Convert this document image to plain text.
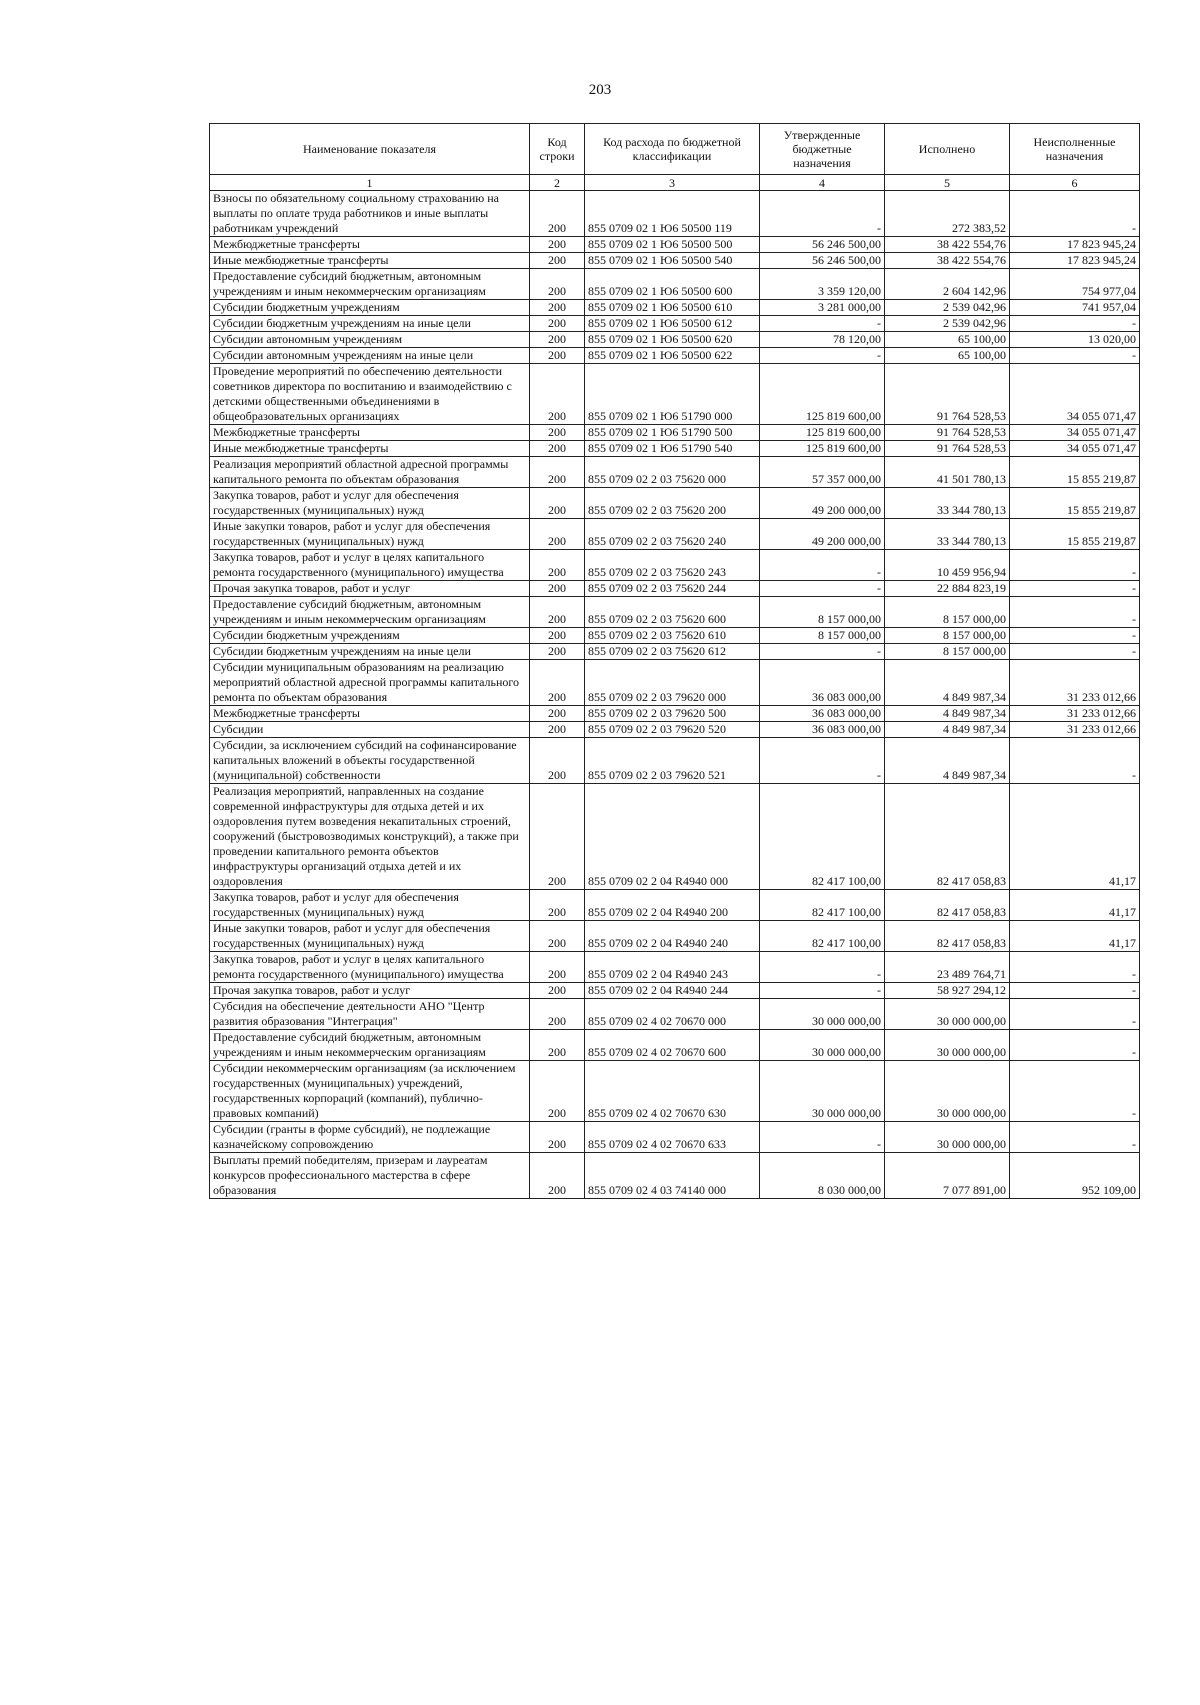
203
Наименование показателя	Код строки	Код расхода по бюджетной классификации	Утвержденные бюджетные назначения	Исполнено	Неисполненные назначения
1	2	3	4	5	6
Взносы по обязательному социальному страхованию на выплаты по оплате труда работников и иные выплаты работникам учреждений	200	855 0709 02 1 Ю6 50500 119	-	272 383,52	-
Межбюджетные трансферты	200	855 0709 02 1 Ю6 50500 500	56 246 500,00	38 422 554,76	17 823 945,24
Иные межбюджетные трансферты	200	855 0709 02 1 Ю6 50500 540	56 246 500,00	38 422 554,76	17 823 945,24
Предоставление субсидий бюджетным, автономным учреждениям и иным некоммерческим организациям	200	855 0709 02 1 Ю6 50500 600	3 359 120,00	2 604 142,96	754 977,04
Субсидии бюджетным учреждениям	200	855 0709 02 1 Ю6 50500 610	3 281 000,00	2 539 042,96	741 957,04
Субсидии бюджетным учреждениям на иные цели	200	855 0709 02 1 Ю6 50500 612	-	2 539 042,96	-
Субсидии автономным учреждениям	200	855 0709 02 1 Ю6 50500 620	78 120,00	65 100,00	13 020,00
Субсидии автономным учреждениям на иные цели	200	855 0709 02 1 Ю6 50500 622	-	65 100,00	-
Проведение мероприятий по обеспечению деятельности советников директора по воспитанию и взаимодействию с детскими общественными объединениями в общеобразовательных организациях	200	855 0709 02 1 Ю6 51790 000	125 819 600,00	91 764 528,53	34 055 071,47
Межбюджетные трансферты	200	855 0709 02 1 Ю6 51790 500	125 819 600,00	91 764 528,53	34 055 071,47
Иные межбюджетные трансферты	200	855 0709 02 1 Ю6 51790 540	125 819 600,00	91 764 528,53	34 055 071,47
Реализация мероприятий областной адресной программы капитального ремонта по объектам образования	200	855 0709 02 2 03 75620 000	57 357 000,00	41 501 780,13	15 855 219,87
Закупка товаров, работ и услуг для обеспечения государственных (муниципальных) нужд	200	855 0709 02 2 03 75620 200	49 200 000,00	33 344 780,13	15 855 219,87
Иные закупки товаров, работ и услуг для обеспечения государственных (муниципальных) нужд	200	855 0709 02 2 03 75620 240	49 200 000,00	33 344 780,13	15 855 219,87
Закупка товаров, работ и услуг в целях капитального ремонта государственного (муниципального) имущества	200	855 0709 02 2 03 75620 243	-	10 459 956,94	-
Прочая закупка товаров, работ и услуг	200	855 0709 02 2 03 75620 244	-	22 884 823,19	-
Предоставление субсидий бюджетным, автономным учреждениям и иным некоммерческим организациям	200	855 0709 02 2 03 75620 600	8 157 000,00	8 157 000,00	-
Субсидии бюджетным учреждениям	200	855 0709 02 2 03 75620 610	8 157 000,00	8 157 000,00	-
Субсидии бюджетным учреждениям на иные цели	200	855 0709 02 2 03 75620 612	-	8 157 000,00	-
Субсидии муниципальным образованиям на реализацию мероприятий областной адресной программы капитального ремонта по объектам образования	200	855 0709 02 2 03 79620 000	36 083 000,00	4 849 987,34	31 233 012,66
Межбюджетные трансферты	200	855 0709 02 2 03 79620 500	36 083 000,00	4 849 987,34	31 233 012,66
Субсидии	200	855 0709 02 2 03 79620 520	36 083 000,00	4 849 987,34	31 233 012,66
Субсидии, за исключением субсидий на софинансирование капитальных вложений в объекты государственной (муниципальной) собственности	200	855 0709 02 2 03 79620 521	-	4 849 987,34	-
Реализация мероприятий, направленных на создание современной инфраструктуры для отдыха детей и их оздоровления путем возведения некапитальных строений, сооружений (быстровозводимых конструкций), а также при проведении капитального ремонта объектов инфраструктуры организаций отдыха детей и их оздоровления	200	855 0709 02 2 04 R4940 000	82 417 100,00	82 417 058,83	41,17
Закупка товаров, работ и услуг для обеспечения государственных (муниципальных) нужд	200	855 0709 02 2 04 R4940 200	82 417 100,00	82 417 058,83	41,17
Иные закупки товаров, работ и услуг для обеспечения государственных (муниципальных) нужд	200	855 0709 02 2 04 R4940 240	82 417 100,00	82 417 058,83	41,17
Закупка товаров, работ и услуг в целях капитального ремонта государственного (муниципального) имущества	200	855 0709 02 2 04 R4940 243	-	23 489 764,71	-
Прочая закупка товаров, работ и услуг	200	855 0709 02 2 04 R4940 244	-	58 927 294,12	-
Субсидия на обеспечение деятельности АНО "Центр развития образования "Интеграция"	200	855 0709 02 4 02 70670 000	30 000 000,00	30 000 000,00	-
Предоставление субсидий бюджетным, автономным учреждениям и иным некоммерческим организациям	200	855 0709 02 4 02 70670 600	30 000 000,00	30 000 000,00	-
Субсидии некоммерческим организациям (за исключением государственных (муниципальных) учреждений, государственных корпораций (компаний), публично-правовых компаний)	200	855 0709 02 4 02 70670 630	30 000 000,00	30 000 000,00	-
Субсидии (гранты в форме субсидий), не подлежащие казначейскому сопровождению	200	855 0709 02 4 02 70670 633	-	30 000 000,00	-
Выплаты премий победителям, призерам и лауреатам конкурсов профессионального мастерства в сфере образования	200	855 0709 02 4 03 74140 000	8 030 000,00	7 077 891,00	952 109,00
